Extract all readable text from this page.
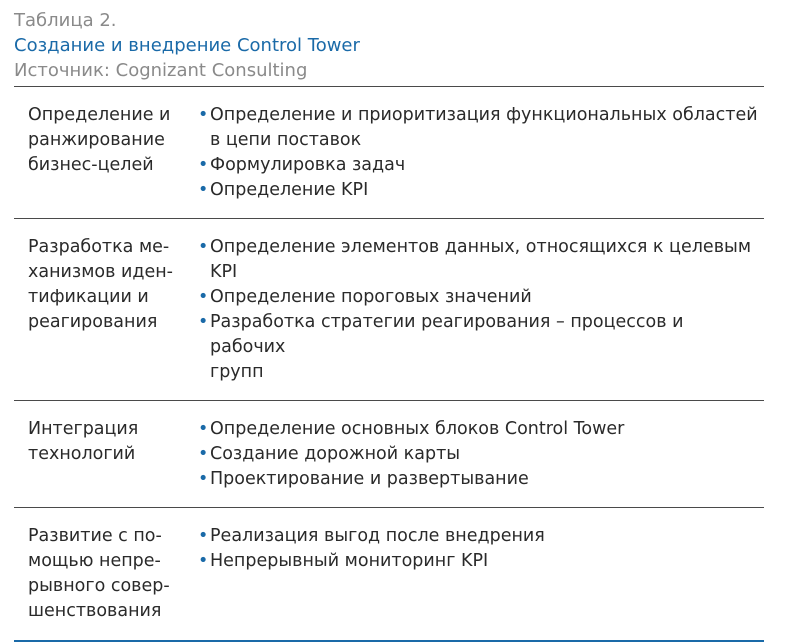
Таблица 2.
Создание и внедрение Control Tower
Источник: Cognizant Consulting
Определение и
ранжирование
бизнес-целей
• Определение и приоритизация функциональных областей
в цепи поставок
• Формулировка задач
• Определение KPI
Разработка ме-
ханизмов иден-
тификации и
реагирования
• Определение элементов данных, относящихся к целевым KPI
• Определение пороговых значений
• Разработка стратегии реагирования – процессов и рабочих
групп
Интеграция
технологий
• Определение основных блоков Control Tower
• Создание дорожной карты
• Проектирование и развертывание
Развитие с по-
мощью непре-
рывного совер-
шенствования
• Реализация выгод после внедрения
• Непрерывный мониторинг KPI
